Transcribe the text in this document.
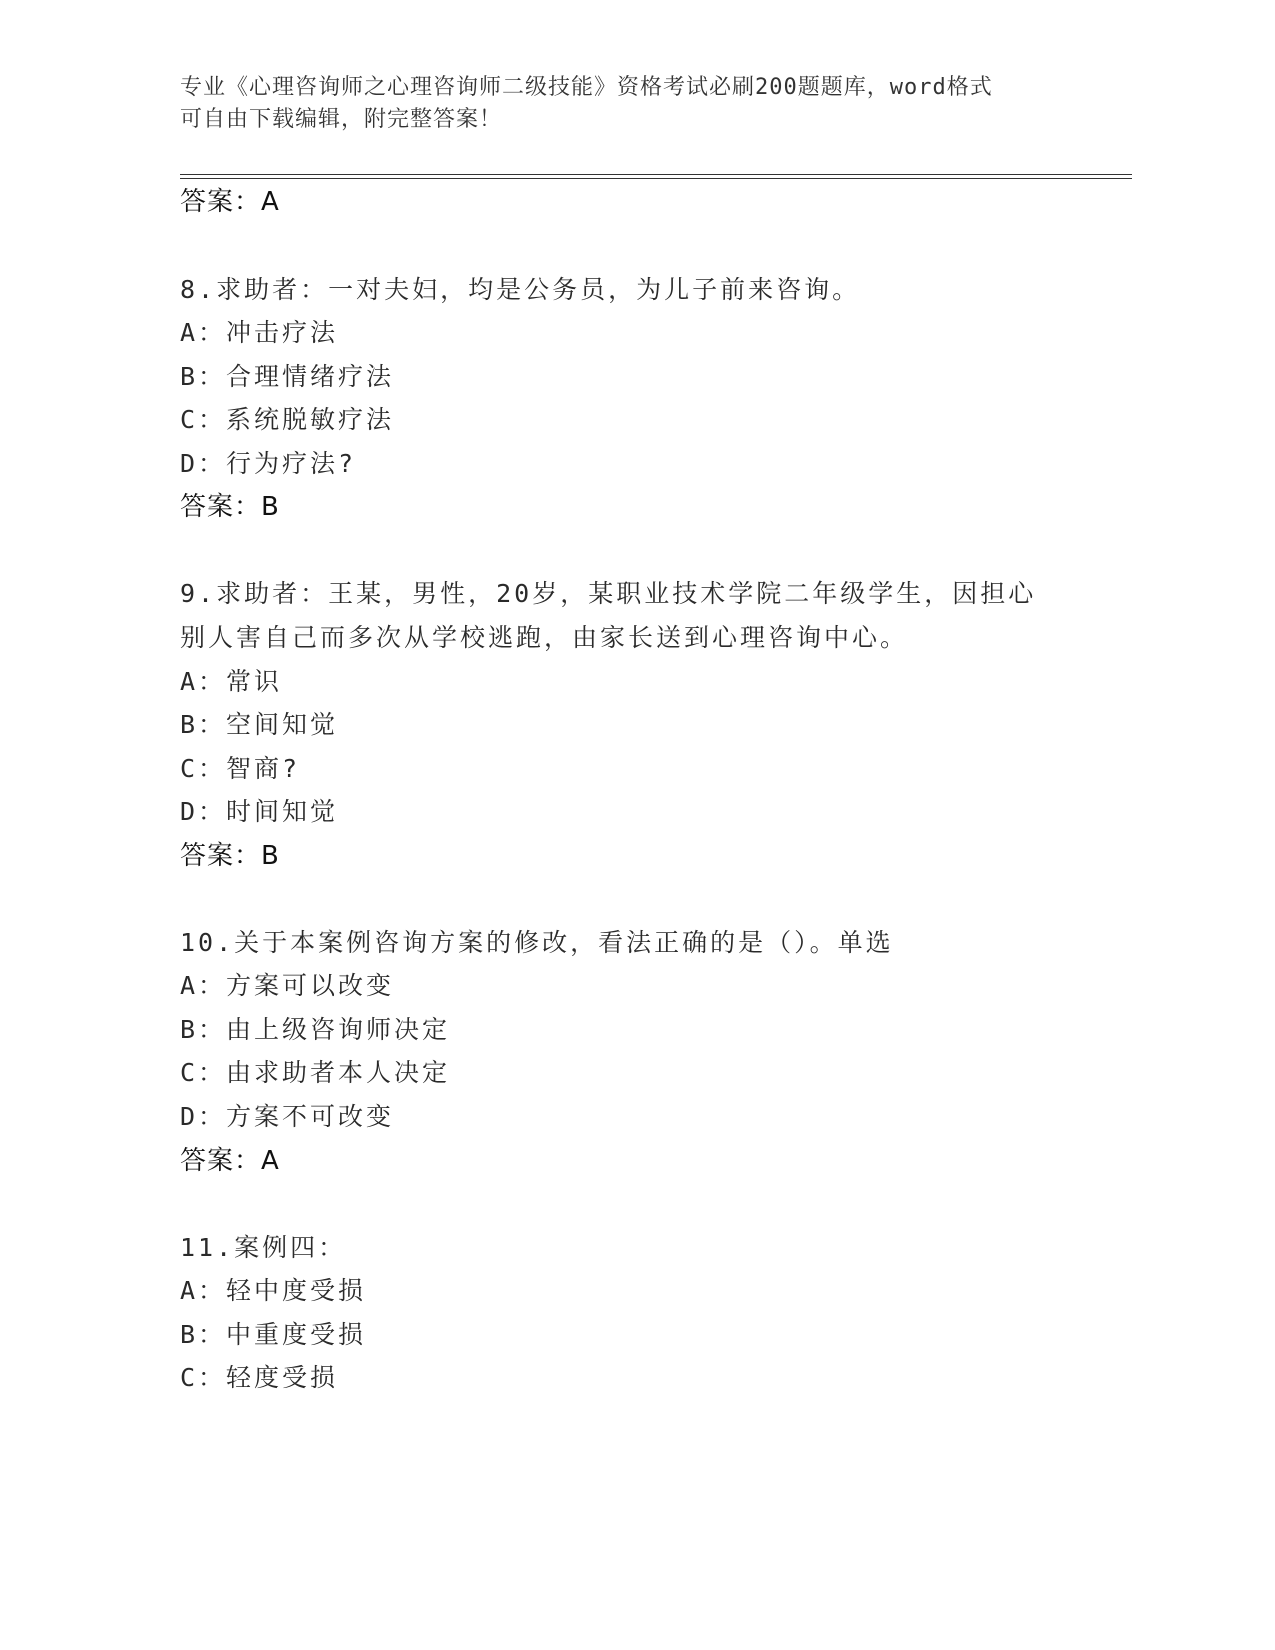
专业《心理咨询师之心理咨询师二级技能》资格考试必刷200题题库，word格式
可自由下载编辑，附完整答案！
答案：A
8.求助者：一对夫妇，均是公务员，为儿子前来咨询。
A：冲击疗法
B：合理情绪疗法
C：系统脱敏疗法
D：行为疗法?
答案：B
9.求助者：王某，男性，20岁，某职业技术学院二年级学生，因担心
别人害自己而多次从学校逃跑，由家长送到心理咨询中心。
A：常识
B：空间知觉
C：智商?
D：时间知觉
答案：B
10.关于本案例咨询方案的修改，看法正确的是（）。单选
A：方案可以改变
B：由上级咨询师决定
C：由求助者本人决定
D：方案不可改变
答案：A
11.案例四：
A：轻中度受损
B：中重度受损
C：轻度受损
